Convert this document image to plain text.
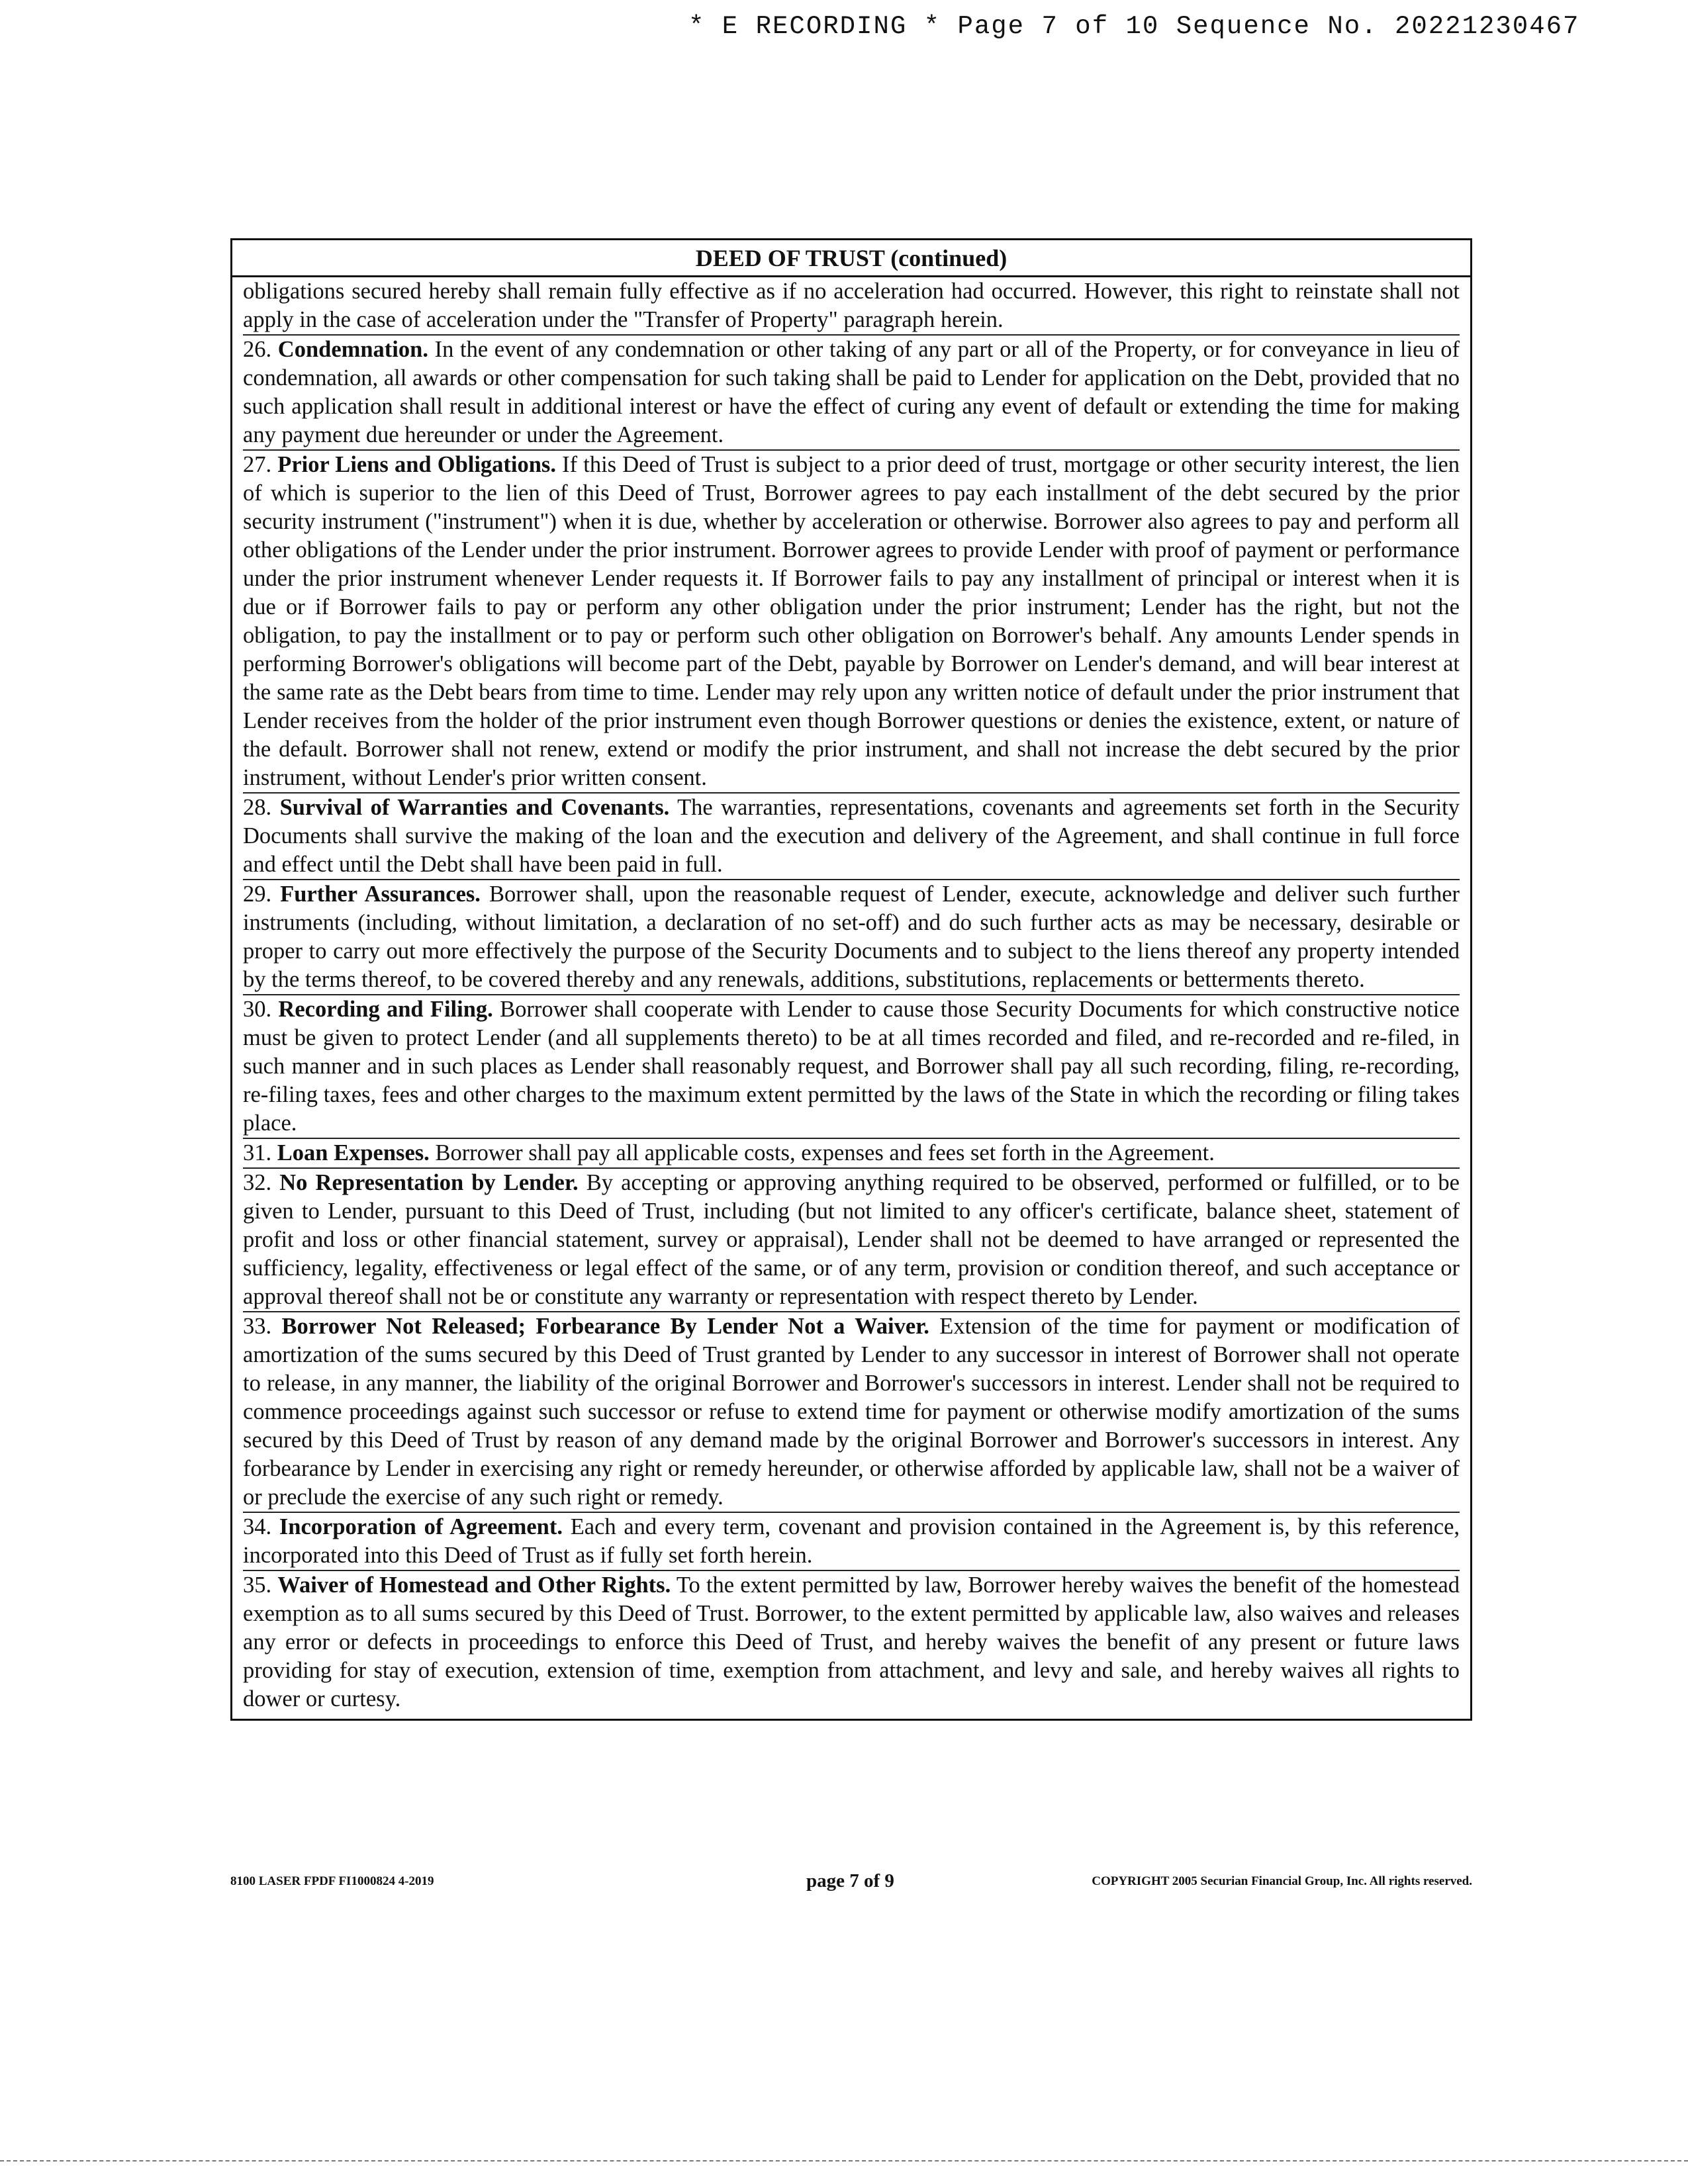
* E RECORDING * Page 7 of 10 Sequence No. 20221230467
DEED OF TRUST (continued)

obligations secured hereby shall remain fully effective as if no acceleration had occurred. However, this right to reinstate shall not apply in the case of acceleration under the "Transfer of Property" paragraph herein.

26. Condemnation. In the event of any condemnation or other taking of any part or all of the Property, or for conveyance in lieu of condemnation, all awards or other compensation for such taking shall be paid to Lender for application on the Debt, provided that no such application shall result in additional interest or have the effect of curing any event of default or extending the time for making any payment due hereunder or under the Agreement.

27. Prior Liens and Obligations. If this Deed of Trust is subject to a prior deed of trust, mortgage or other security interest, the lien of which is superior to the lien of this Deed of Trust, Borrower agrees to pay each installment of the debt secured by the prior security instrument ("instrument") when it is due, whether by acceleration or otherwise. Borrower also agrees to pay and perform all other obligations of the Lender under the prior instrument. Borrower agrees to provide Lender with proof of payment or performance under the prior instrument whenever Lender requests it. If Borrower fails to pay any installment of principal or interest when it is due or if Borrower fails to pay or perform any other obligation under the prior instrument; Lender has the right, but not the obligation, to pay the installment or to pay or perform such other obligation on Borrower's behalf. Any amounts Lender spends in performing Borrower's obligations will become part of the Debt, payable by Borrower on Lender's demand, and will bear interest at the same rate as the Debt bears from time to time. Lender may rely upon any written notice of default under the prior instrument that Lender receives from the holder of the prior instrument even though Borrower questions or denies the existence, extent, or nature of the default. Borrower shall not renew, extend or modify the prior instrument, and shall not increase the debt secured by the prior instrument, without Lender's prior written consent.

28. Survival of Warranties and Covenants. The warranties, representations, covenants and agreements set forth in the Security Documents shall survive the making of the loan and the execution and delivery of the Agreement, and shall continue in full force and effect until the Debt shall have been paid in full.

29. Further Assurances. Borrower shall, upon the reasonable request of Lender, execute, acknowledge and deliver such further instruments (including, without limitation, a declaration of no set-off) and do such further acts as may be necessary, desirable or proper to carry out more effectively the purpose of the Security Documents and to subject to the liens thereof any property intended by the terms thereof, to be covered thereby and any renewals, additions, substitutions, replacements or betterments thereto.

30. Recording and Filing. Borrower shall cooperate with Lender to cause those Security Documents for which constructive notice must be given to protect Lender (and all supplements thereto) to be at all times recorded and filed, and re-recorded and re-filed, in such manner and in such places as Lender shall reasonably request, and Borrower shall pay all such recording, filing, re-recording, re-filing taxes, fees and other charges to the maximum extent permitted by the laws of the State in which the recording or filing takes place.

31. Loan Expenses. Borrower shall pay all applicable costs, expenses and fees set forth in the Agreement.

32. No Representation by Lender. By accepting or approving anything required to be observed, performed or fulfilled, or to be given to Lender, pursuant to this Deed of Trust, including (but not limited to any officer's certificate, balance sheet, statement of profit and loss or other financial statement, survey or appraisal), Lender shall not be deemed to have arranged or represented the sufficiency, legality, effectiveness or legal effect of the same, or of any term, provision or condition thereof, and such acceptance or approval thereof shall not be or constitute any warranty or representation with respect thereto by Lender.

33. Borrower Not Released; Forbearance By Lender Not a Waiver. Extension of the time for payment or modification of amortization of the sums secured by this Deed of Trust granted by Lender to any successor in interest of Borrower shall not operate to release, in any manner, the liability of the original Borrower and Borrower's successors in interest. Lender shall not be required to commence proceedings against such successor or refuse to extend time for payment or otherwise modify amortization of the sums secured by this Deed of Trust by reason of any demand made by the original Borrower and Borrower's successors in interest. Any forbearance by Lender in exercising any right or remedy hereunder, or otherwise afforded by applicable law, shall not be a waiver of or preclude the exercise of any such right or remedy.

34. Incorporation of Agreement. Each and every term, covenant and provision contained in the Agreement is, by this reference, incorporated into this Deed of Trust as if fully set forth herein.

35. Waiver of Homestead and Other Rights. To the extent permitted by law, Borrower hereby waives the benefit of the homestead exemption as to all sums secured by this Deed of Trust. Borrower, to the extent permitted by applicable law, also waives and releases any error or defects in proceedings to enforce this Deed of Trust, and hereby waives the benefit of any present or future laws providing for stay of execution, extension of time, exemption from attachment, and levy and sale, and hereby waives all rights to dower or curtesy.

8100 LASER FPDF FI1000824 4-2019	page 7 of 9	COPYRIGHT 2005 Securian Financial Group, Inc. All rights reserved.
